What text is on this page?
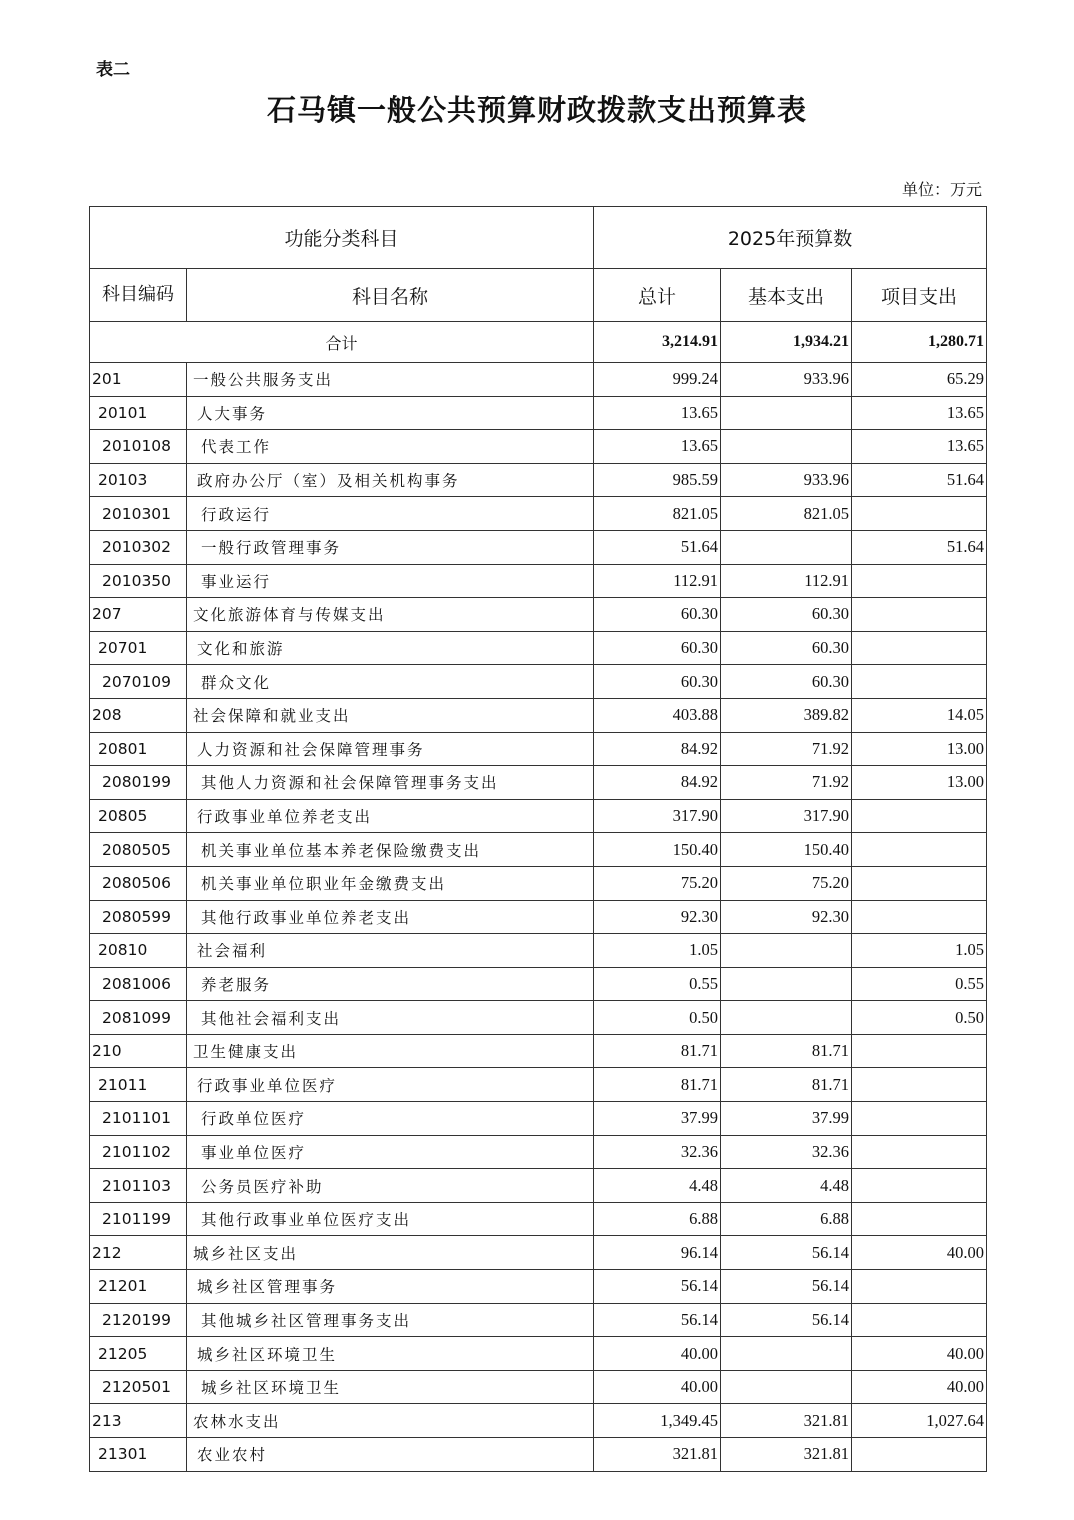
表二
石马镇一般公共预算财政拨款支出预算表
单位：万元
功能分类科目		2025年预算数		
科目编码	科目名称	总计	基本支出	项目支出
合计		3,214.91	1,934.21	1,280.71
201	一般公共服务支出	999.24	933.96	65.29
20101	人大事务	13.65		13.65
2010108	代表工作	13.65		13.65
20103	政府办公厅（室）及相关机构事务	985.59	933.96	51.64
2010301	行政运行	821.05	821.05	
2010302	一般行政管理事务	51.64		51.64
2010350	事业运行	112.91	112.91	
207	文化旅游体育与传媒支出	60.30	60.30	
20701	文化和旅游	60.30	60.30	
2070109	群众文化	60.30	60.30	
208	社会保障和就业支出	403.88	389.82	14.05
20801	人力资源和社会保障管理事务	84.92	71.92	13.00
2080199	其他人力资源和社会保障管理事务支出	84.92	71.92	13.00
20805	行政事业单位养老支出	317.90	317.90	
2080505	机关事业单位基本养老保险缴费支出	150.40	150.40	
2080506	机关事业单位职业年金缴费支出	75.20	75.20	
2080599	其他行政事业单位养老支出	92.30	92.30	
20810	社会福利	1.05		1.05
2081006	养老服务	0.55		0.55
2081099	其他社会福利支出	0.50		0.50
210	卫生健康支出	81.71	81.71	
21011	行政事业单位医疗	81.71	81.71	
2101101	行政单位医疗	37.99	37.99	
2101102	事业单位医疗	32.36	32.36	
2101103	公务员医疗补助	4.48	4.48	
2101199	其他行政事业单位医疗支出	6.88	6.88	
212	城乡社区支出	96.14	56.14	40.00
21201	城乡社区管理事务	56.14	56.14	
2120199	其他城乡社区管理事务支出	56.14	56.14	
21205	城乡社区环境卫生	40.00		40.00
2120501	城乡社区环境卫生	40.00		40.00
213	农林水支出	1,349.45	321.81	1,027.64
21301	农业农村	321.81	321.81	
